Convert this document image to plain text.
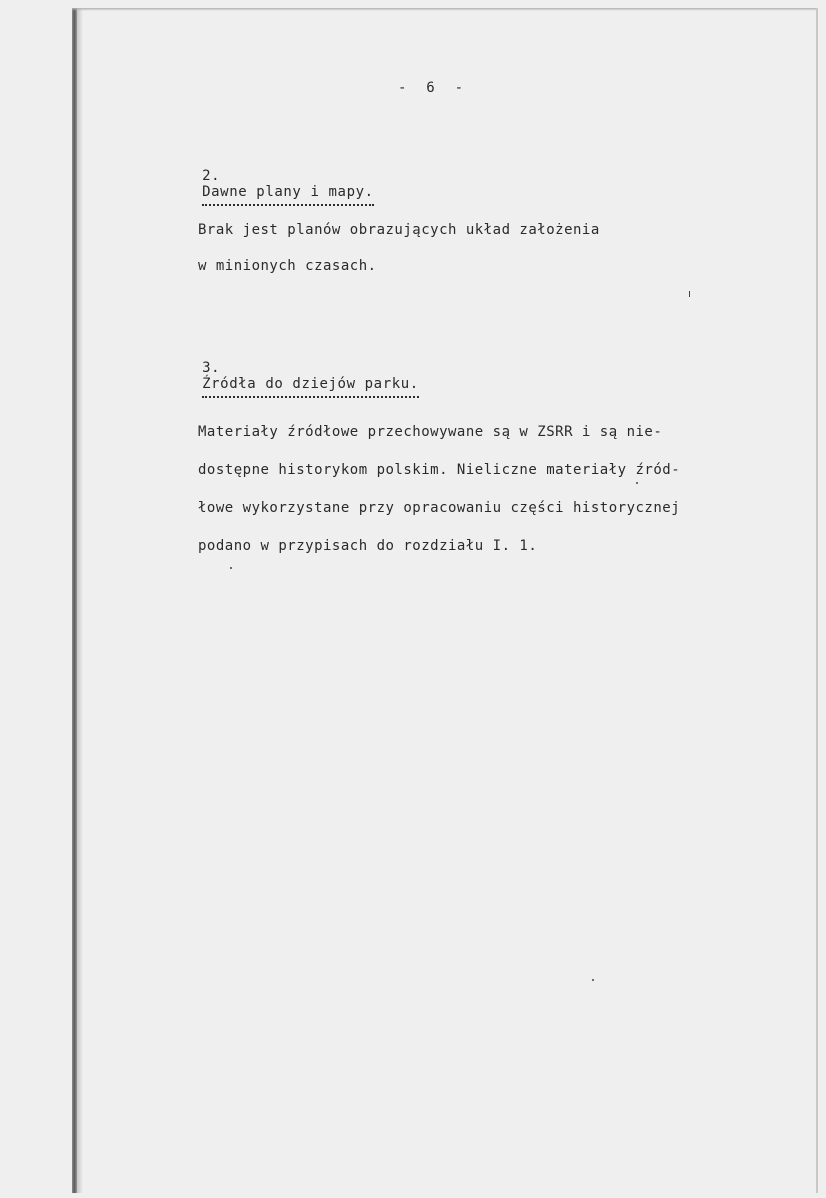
-  6  -

2.
Dawne plany i mapy.

Brak jest planów obrazujących układ założenia
w minionych czasach.

3.
Źródła do dziejów parku.

Materiały źródłowe przechowywane są w ZSRR i są nie-
dostępne historykom polskim. Nieliczne materiały źród-
łowe wykorzystane przy opracowaniu części historycznej
podano w przypisach do rozdziału I. 1.
